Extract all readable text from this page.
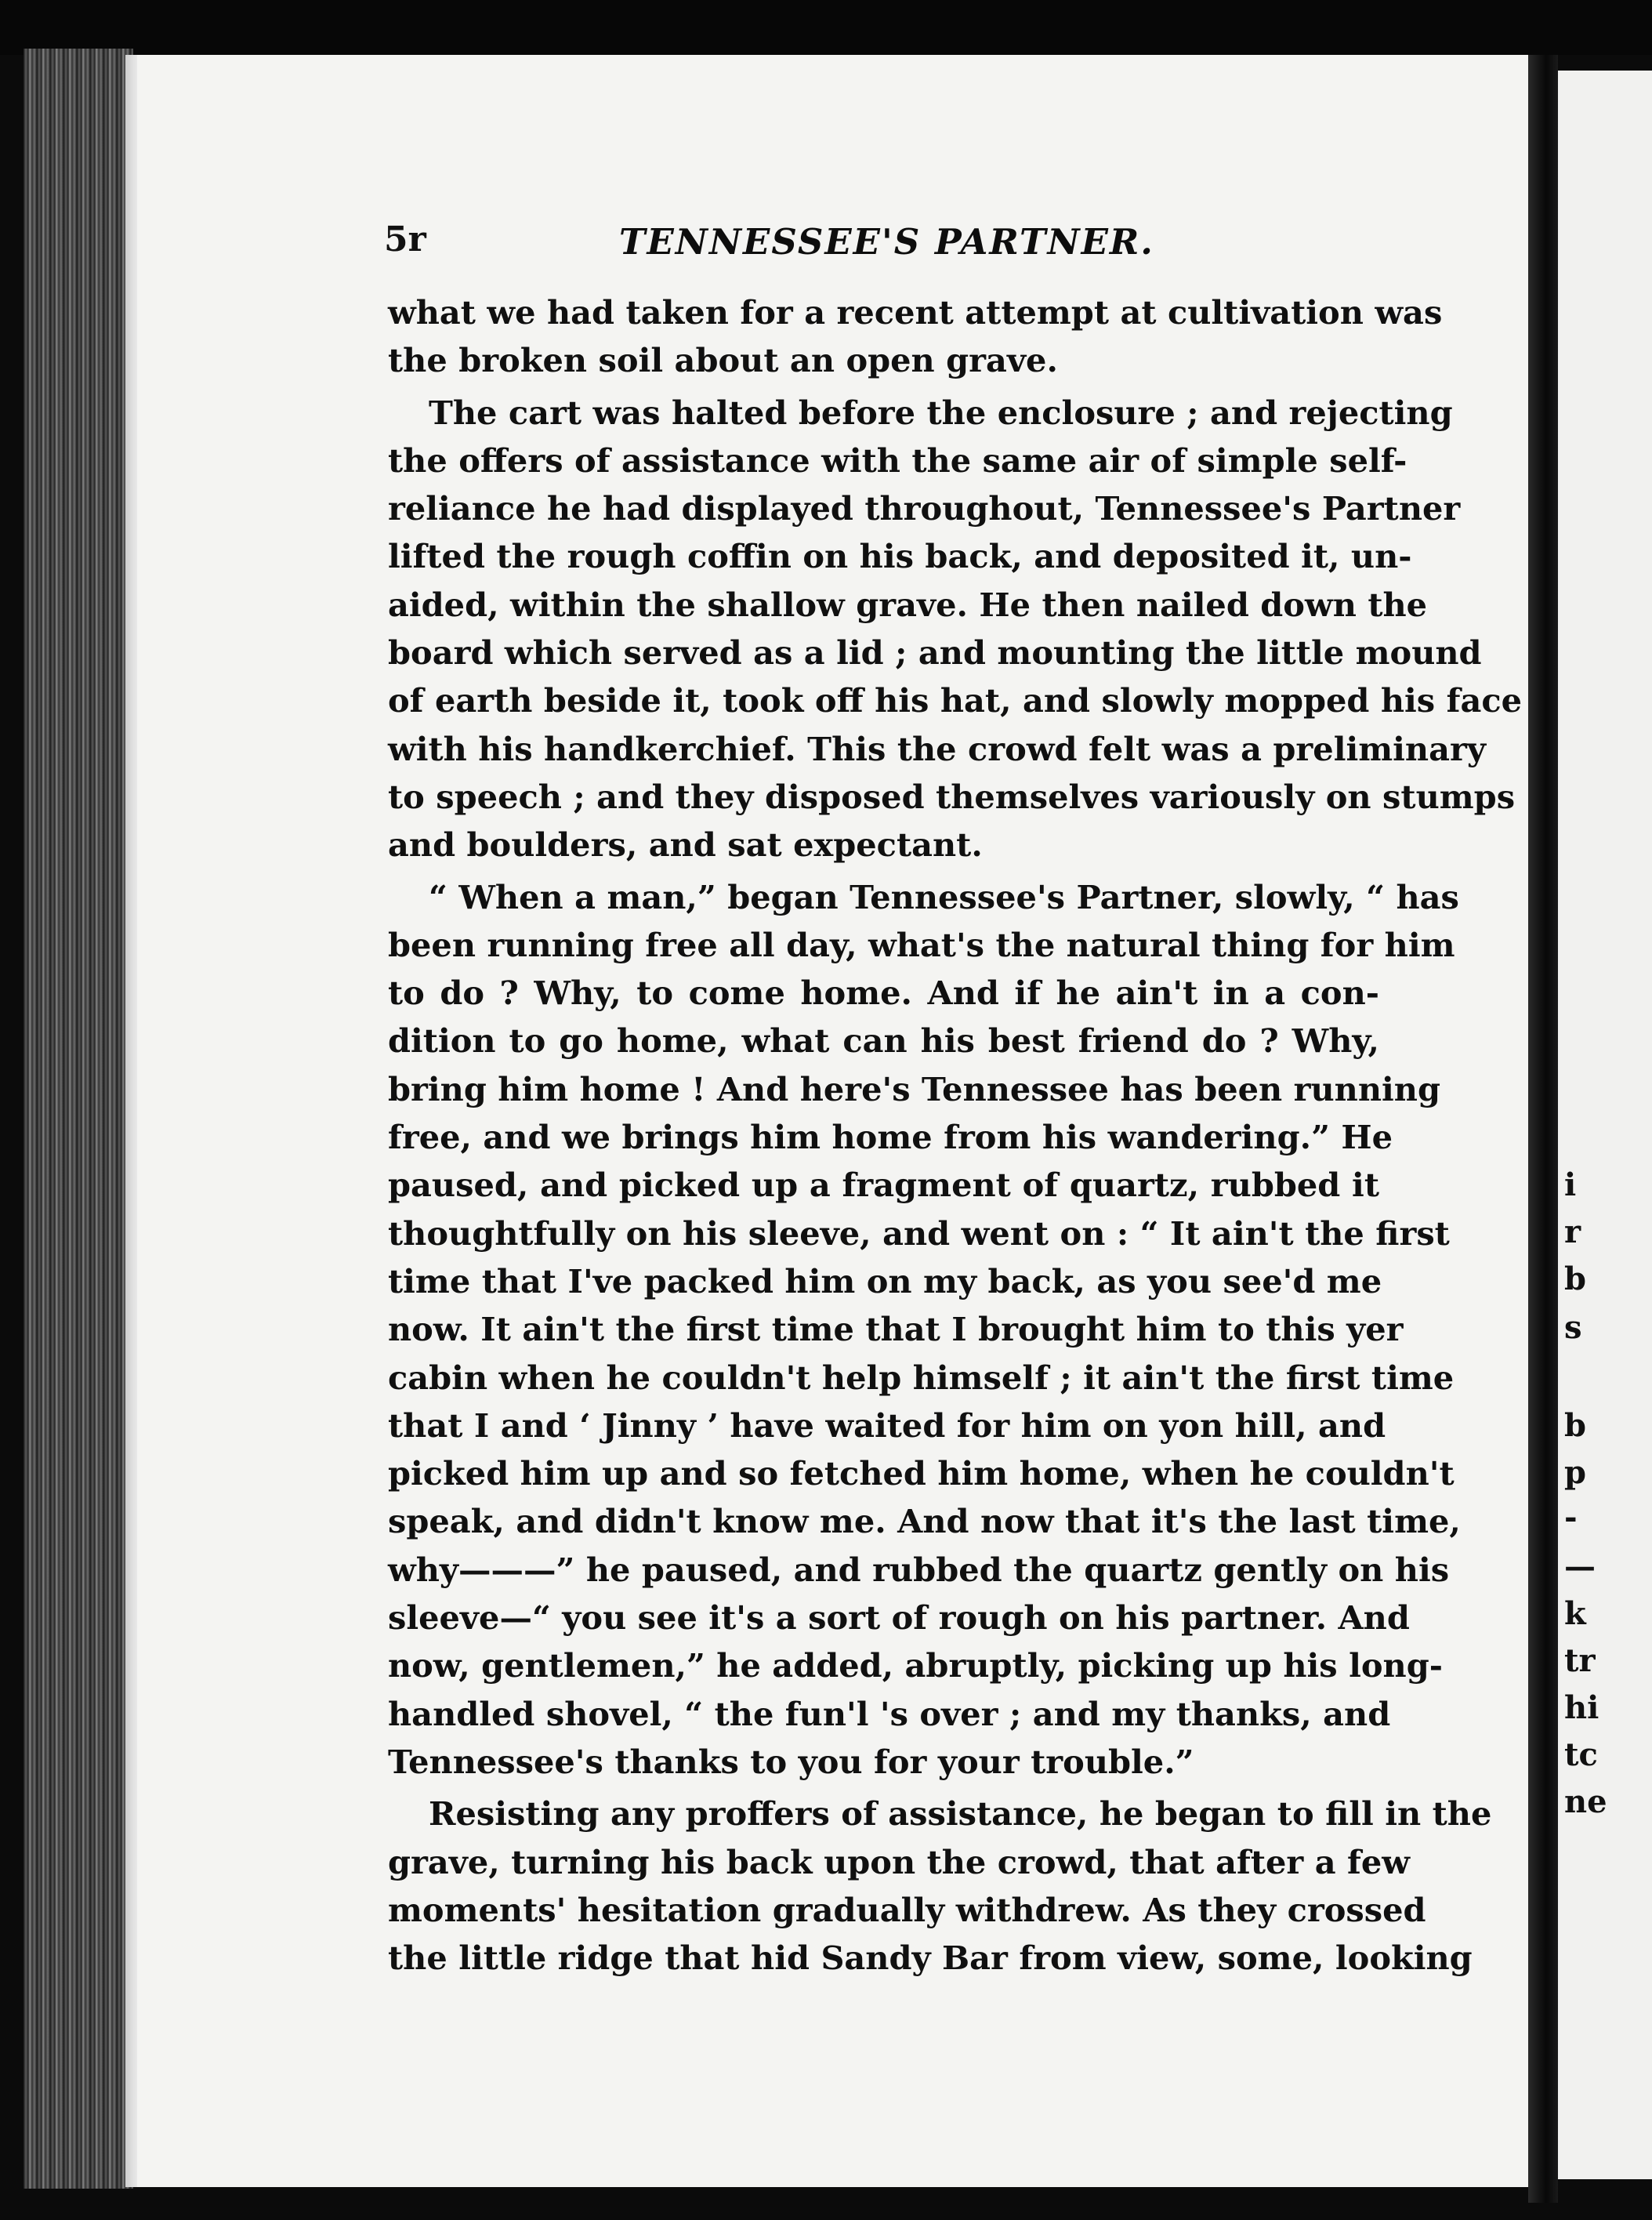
5r	TENNESSEE'S PARTNER.
what we had taken for a recent attempt at cultivation was
the broken soil about an open grave.
The cart was halted before the enclosure ; and rejecting
the offers of assistance with the same air of simple self-
reliance he had displayed throughout, Tennessee's Partner
lifted the rough coffin on his back, and deposited it, un-
aided, within the shallow grave. He then nailed down the
board which served as a lid ; and mounting the little mound
of earth beside it, took off his hat, and slowly mopped his face
with his handkerchief. This the crowd felt was a preliminary
to speech ; and they disposed themselves variously on stumps
and boulders, and sat expectant.
“ When a man,” began Tennessee's Partner, slowly, “ has
been running free all day, what's the natural thing for him
to do ? Why, to come home. And if he ain't in a con-
dition to go home, what can his best friend do ? Why,
bring him home ! And here's Tennessee has been running
free, and we brings him home from his wandering.” He
paused, and picked up a fragment of quartz, rubbed it
thoughtfully on his sleeve, and went on : “ It ain't the first
time that I've packed him on my back, as you see'd me
now. It ain't the first time that I brought him to this yer
cabin when he couldn't help himself ; it ain't the first time
that I and ‘ Jinny ’ have waited for him on yon hill, and
picked him up and so fetched him home, when he couldn't
speak, and didn't know me. And now that it's the last time,
why———” he paused, and rubbed the quartz gently on his
sleeve—“ you see it's a sort of rough on his partner. And
now, gentlemen,” he added, abruptly, picking up his long-
handled shovel, “ the fun'l 's over ; and my thanks, and
Tennessee's thanks to you for your trouble.”
Resisting any proffers of assistance, he began to fill in the
grave, turning his back upon the crowd, that after a few
moments' hesitation gradually withdrew. As they crossed
the little ridge that hid Sandy Bar from view, some, looking
i
r
b
s
b
p
-
—
k
tr
hi
tc
ne
